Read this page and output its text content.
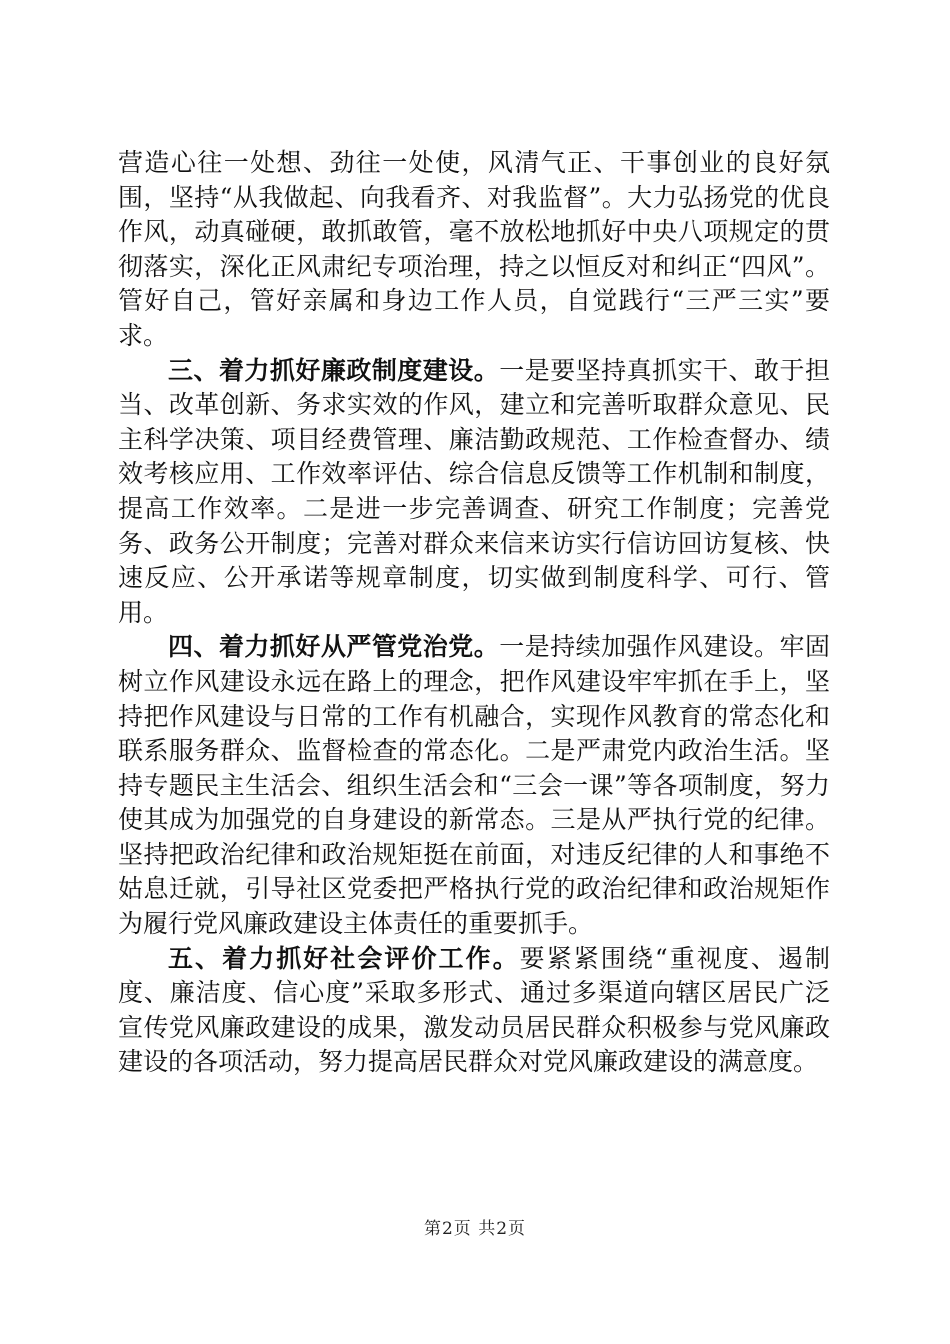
营造心往一处想、劲往一处使，风清气正、干事创业的良好氛围，坚持“从我做起、向我看齐、对我监督”。大力弘扬党的优良作风，动真碰硬，敢抓敢管，毫不放松地抓好中央八项规定的贯彻落实，深化正风肃纪专项治理，持之以恒反对和纠正“四风”。管好自己，管好亲属和身边工作人员，自觉践行“三严三实”要求。

三、着力抓好廉政制度建设。一是要坚持真抓实干、敢于担当、改革创新、务求实效的作风，建立和完善听取群众意见、民主科学决策、项目经费管理、廉洁勤政规范、工作检查督办、绩效考核应用、工作效率评估、综合信息反馈等工作机制和制度，提高工作效率。二是进一步完善调查、研究工作制度；完善党务、政务公开制度；完善对群众来信来访实行信访回访复核、快速反应、公开承诺等规章制度，切实做到制度科学、可行、管用。

四、着力抓好从严管党治党。一是持续加强作风建设。牢固树立作风建设永远在路上的理念，把作风建设牢牢抓在手上，坚持把作风建设与日常的工作有机融合，实现作风教育的常态化和联系服务群众、监督检查的常态化。二是严肃党内政治生活。坚持专题民主生活会、组织生活会和“三会一课”等各项制度，努力使其成为加强党的自身建设的新常态。三是从严执行党的纪律。坚持把政治纪律和政治规矩挺在前面，对违反纪律的人和事绝不姑息迁就，引导社区党委把严格执行党的政治纪律和政治规矩作为履行党风廉政建设主体责任的重要抓手。

五、着力抓好社会评价工作。要紧紧围绕“重视度、遏制度、廉洁度、信心度”采取多形式、通过多渠道向辖区居民广泛宣传党风廉政建设的成果，激发动员居民群众积极参与党风廉政建设的各项活动，努力提高居民群众对党风廉政建设的满意度。

第2页 共2页
